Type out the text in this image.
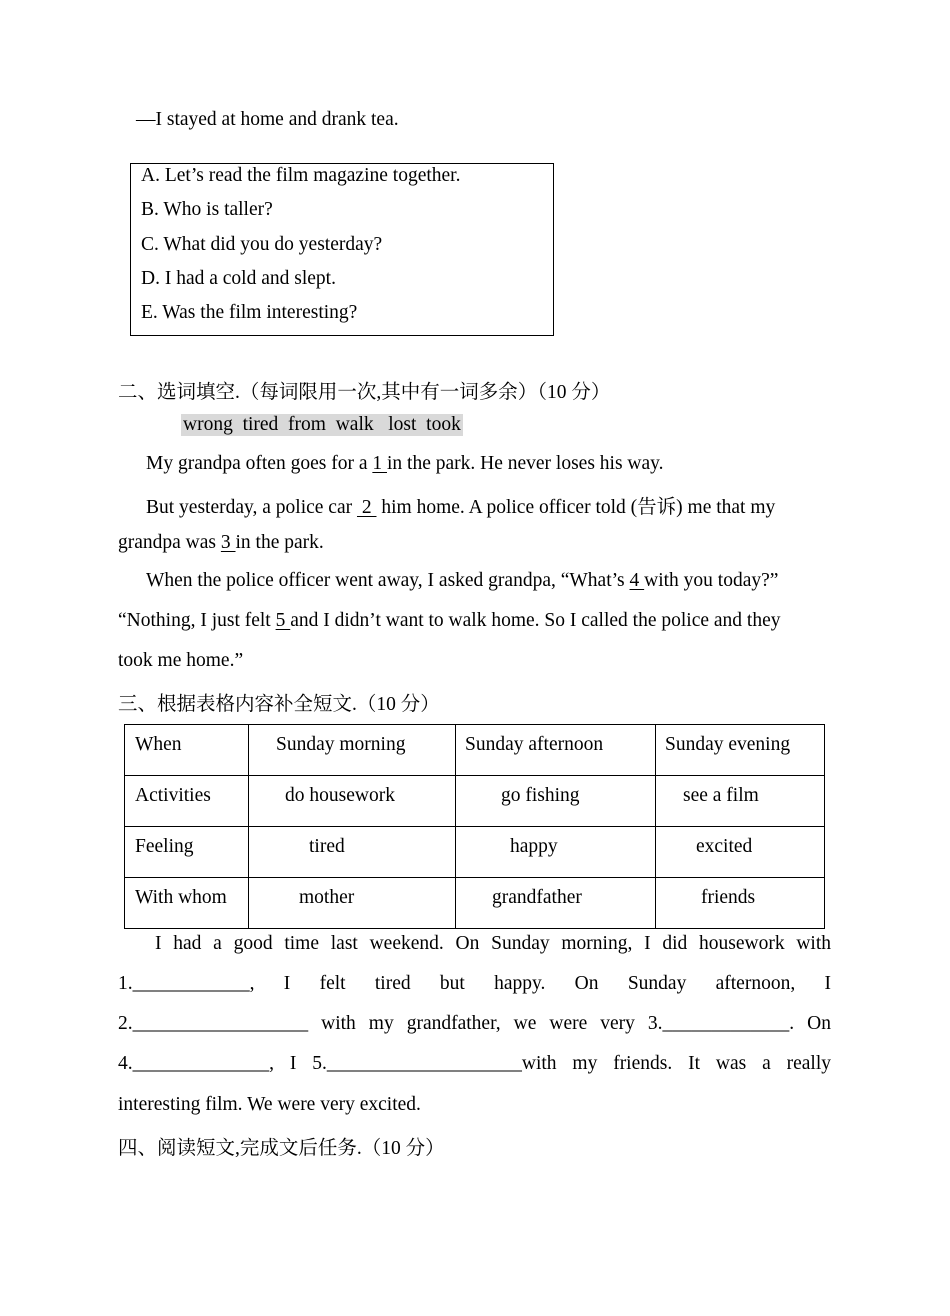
—I stayed at home and drank tea.
A. Let’s read the film magazine together.
B. Who is taller?
C. What did you do yesterday?
D. I had a cold and slept.
E. Was the film interesting?
二、选词填空.（每词限用一次,其中有一词多余）（10 分）
wrong  tired  from  walk   lost  took
My grandpa often goes for a 1 in the park. He never loses his way.
But yesterday, a police car  2  him home. A police officer told (告诉) me that my
grandpa was 3 in the park.
When the police officer went away, I asked grandpa, “What’s 4 with you today?”
“Nothing, I just felt 5 and I didn’t want to walk home. So I called the police and they
took me home.”
三、根据表格内容补全短文.（10 分）
When	Sunday morning	Sunday afternoon	Sunday evening

Activities	do housework	go fishing	see a film

Feeling	tired	happy	excited

With whom	mother	grandfather	friends
I had a good time last weekend. On Sunday morning, I did housework with
1.____________, I felt tired but happy. On Sunday afternoon, I
2.__________________ with my grandfather, we were very 3._____________. On
4.______________, I 5.____________________with my friends. It was a really
interesting film. We were very excited.
四、阅读短文,完成文后任务.（10 分）
